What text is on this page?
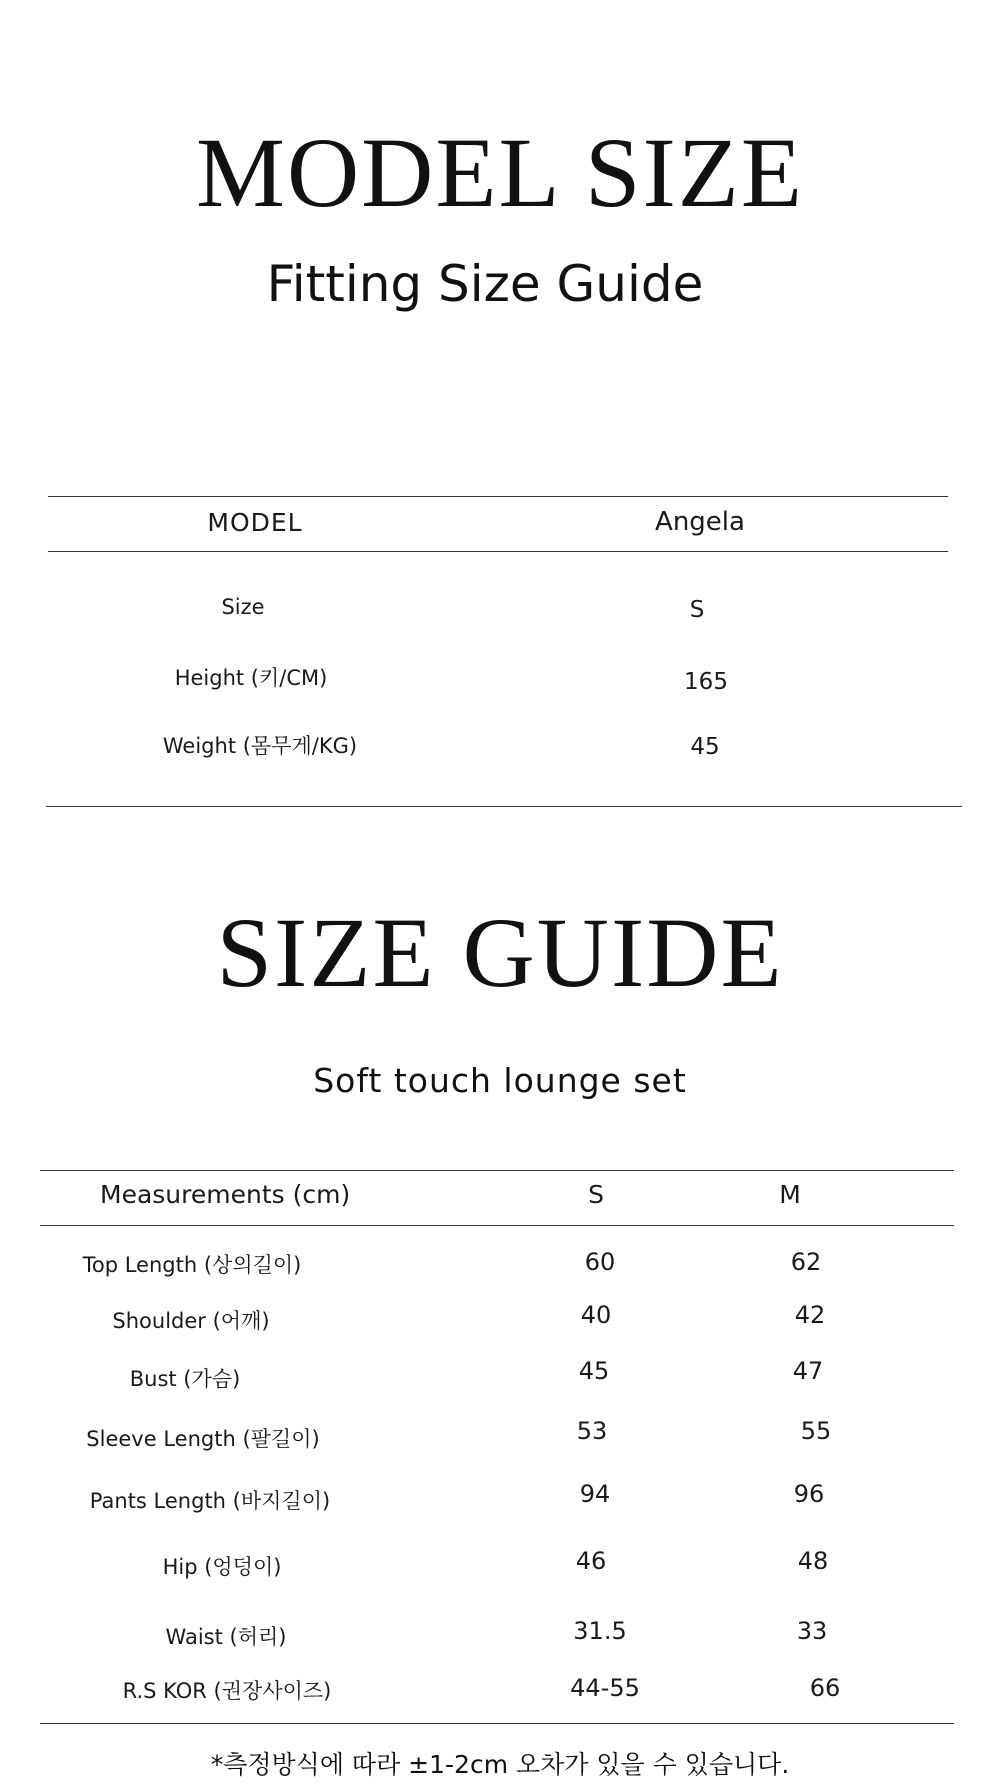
MODEL SIZE
Fitting Size Guide
MODEL	Angela
Size	S
Height (키/CM)	165
Weight (몸무게/KG)	45
SIZE GUIDE
Soft touch lounge set
Measurements (cm)	S	M
Top Length (상의길이)	60	62
Shoulder (어깨)	40	42
Bust (가슴)	45	47
Sleeve Length (팔길이)	53	55
Pants Length (바지길이)	94	96
Hip (엉덩이)	46	48
Waist (허리)	31.5	33
R.S KOR (권장사이즈)	44-55	66
*측정방식에 따라 ±1-2cm 오차가 있을 수 있습니다.
